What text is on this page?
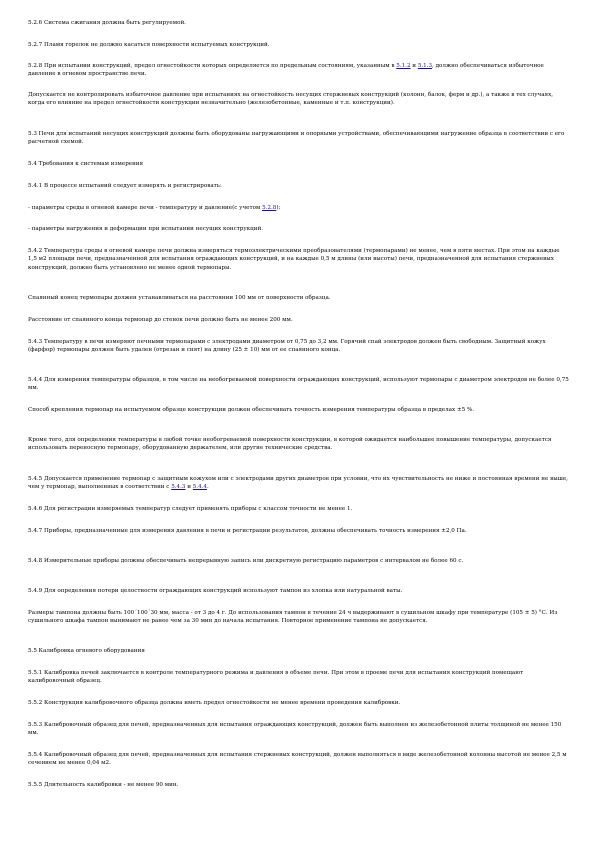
5.2.6 Система сжигания должна быть регулируемой.

5.2.7 Пламя горелок не должно касаться поверхности испытуемых конструкций.

5.2.8 При испытании конструкций, предел огнестойкости которых определяется по предельным состояниям, указанным в 5.1.2 и 5.1.3, должно обеспечиваться избыточное давление в огневом пространстве печи.

Допускается не контролировать избыточное давление при испытаниях на огнестойкость несущих стержневых конструкций (колонн, балок, ферм и др.), а также в тех случаях, когда его влияние на предел огнестойкости конструкции незначительно (железобетонные, каменные и т.п. конструкции).

5.3 Печи для испытаний несущих конструкций должны быть оборудованы нагружающими и опорными устройствами, обеспечивающими нагружение образца в соответствии с его расчетной схемой.

5.4 Требования к системам измерения

5.4.1 В процессе испытаний следует измерять и регистрировать:

- параметры среды в огневой камере печи - температуру и давление(с учетом 5.2.8);

- параметры нагружения и деформации при испытании несущих конструкций.

5.4.2 Температура среды в огневой камере печи должна измеряться термоэлектрическими преобразователями (термопарами) не менее, чем в пяти местах. При этом на каждые 1,5 м2 площади печи, предназначенной для испытания ограждающих конструкций, и на каждые 0,5 м длины (или высоты) печи, предназначенной для испытания стержневых конструкций, должно быть установлено не менее одной термопары.

Спаянный конец термопары должен устанавливаться на расстоянии 100 мм от поверхности образца.

Расстояние от спаянного конца термопар до стенок печи должно быть не менее 200 мм.

5.4.3 Температуру в печи измеряют печными термопарами с электродами диаметром от 0,75 до 3,2 мм. Горячий спай электродов должен быть свободным. Защитный кожух (фарфор) термопары должен быть удален (отрезан и снят) на длину (25 ± 10) мм от ее спаянного конца.

5.4.4 Для измерения температуры образцов, в том числе на необогреваемой поверхности ограждающих конструкций, используют термопары с диаметром электродов не более 0,75 мм.

Способ крепления термопар на испытуемом образце конструкции должен обеспечивать точность измерения температуры образца в пределах ±5 %.

Кроме того, для определения температуры в любой точке необогреваемой поверхности конструкции, в которой ожидается наибольшее повышение температуры, допускается использовать переносную термопару, оборудованную держателем, или другие технические средства.

5.4.5 Допускается применение термопар с защитным кожухом или с электродами других диаметров при условии, что их чувствительность не ниже и постоянная времени не выше, чем у термопар, выполненных в соответствии с 5.4.3 и 5.4.4.

5.4.6 Для регистрации измеряемых температур следует применять приборы с классом точности не менее 1.

5.4.7 Приборы, предназначенные для измерения давления в печи и регистрации результатов, должны обеспечивать точность измерения ±2,0 Па.

5.4.8 Измерительные приборы должны обеспечивать непрерывную запись или дискретную регистрацию параметров с интервалом не более 60 с.

5.4.9 Для определения потери целостности ограждающих конструкций используют тампон из хлопка или натуральной ваты.

Размеры тампона должны быть 100´100´30 мм, масса - от 3 до 4 г. До использования тампон в течение 24 ч выдерживают в сушильном шкафу при температуре (105 ± 5) °С. Из сушильного шкафа тампон вынимают не ранее чем за 30 мин до начала испытания. Повторное применение тампона не допускается.

5.5 Калибровка огневого оборудования

5.5.1 Калибровка печей заключается в контроле температурного режима и давления в объеме печи. При этом в проеме печи для испытания конструкций помещают калибровочный образец.

5.5.2 Конструкция калибровочного образца должна иметь предел огнестойкости не менее времени проведения калибровки.

5.5.3 Калибровочный образец для печей, предназначенных для испытания ограждающих конструкций, должен быть выполнен из железобетонной плиты толщиной не менее 150 мм.

5.5.4 Калибровочный образец для печей, предназначенных для испытания стержневых конструкций, должен выполняться в виде железобетонной колонны высотой не менее 2,5 м сечением не менее 0,04 м2.

5.5.5 Длительность калибровки - не менее 90 мин.
